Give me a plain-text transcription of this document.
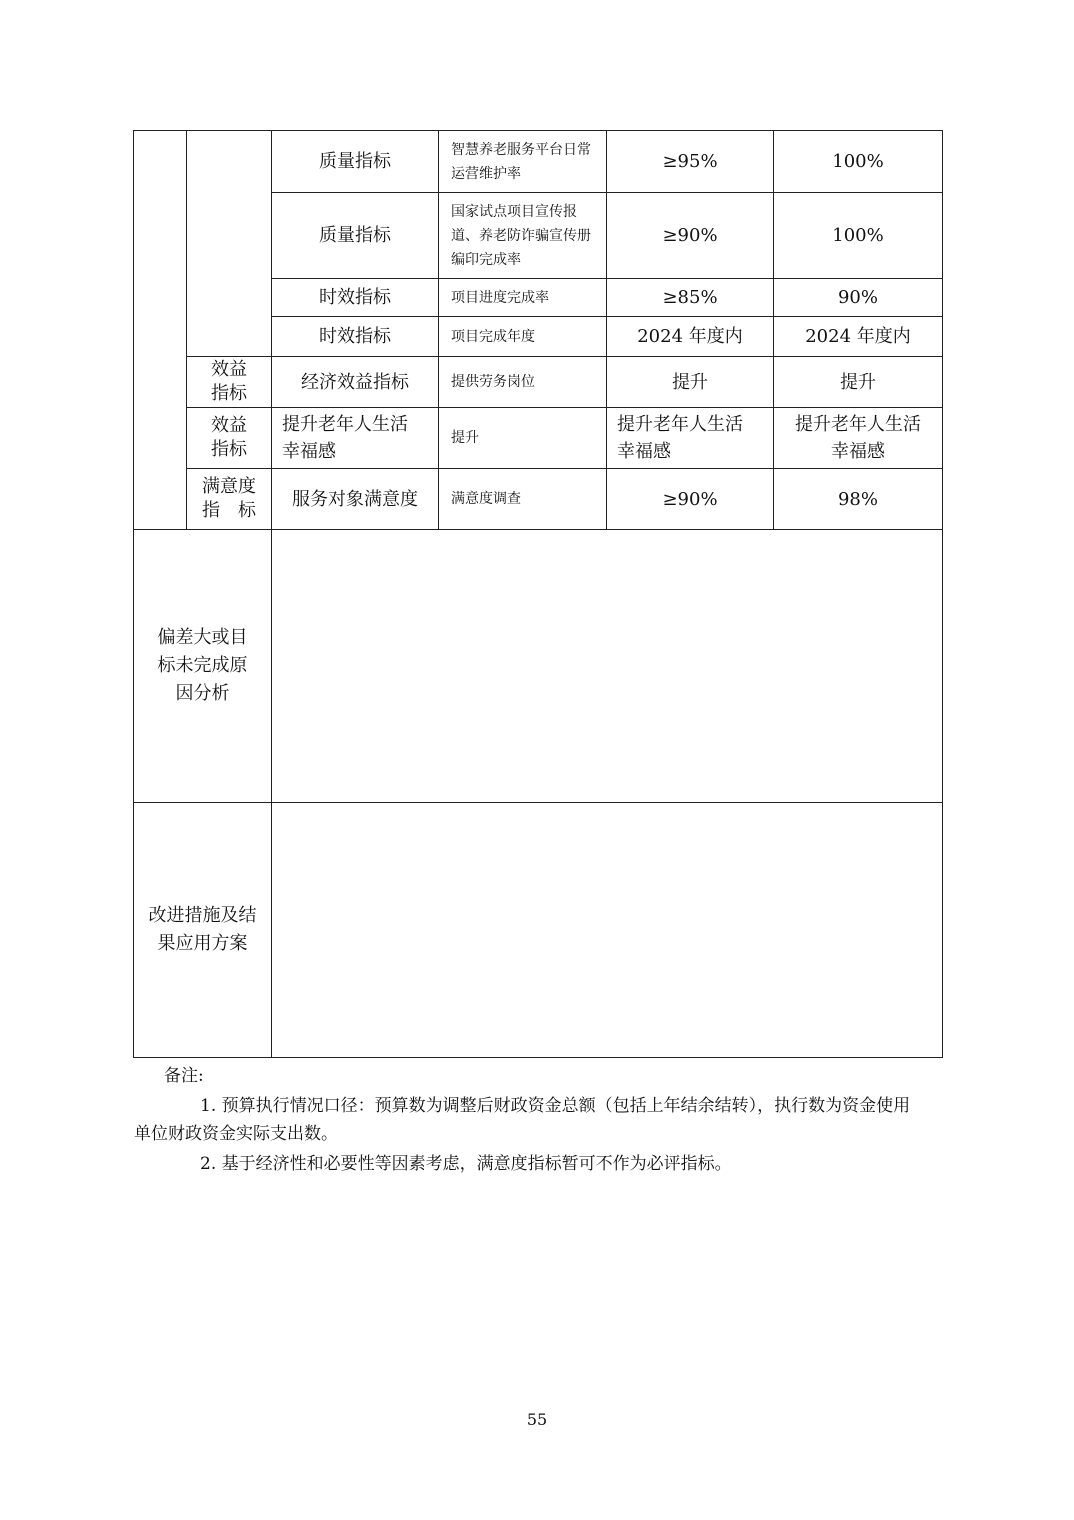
		质量指标	智慧养老服务平台日常运营维护率	≥95%	100%
		质量指标	国家试点项目宣传报道、养老防诈骗宣传册编印完成率	≥90%	100%
		时效指标	项目进度完成率	≥85%	90%
		时效指标	项目完成年度	2024 年度内	2024 年度内
	效益指标	经济效益指标	提供劳务岗位	提升	提升
	效益指标	提升老年人生活幸福感	提升	提升老年人生活幸福感	提升老年人生活幸福感
	满意度指　标	服务对象满意度	满意度调查	≥90%	98%
偏差大或目标未完成原因分析					
改进措施及结果应用方案					
备注:
1. 预算执行情况口径：预算数为调整后财政资金总额（包括上年结余结转），执行数为资金使用单位财政资金实际支出数。
2. 基于经济性和必要性等因素考虑，满意度指标暂可不作为必评指标。
55
